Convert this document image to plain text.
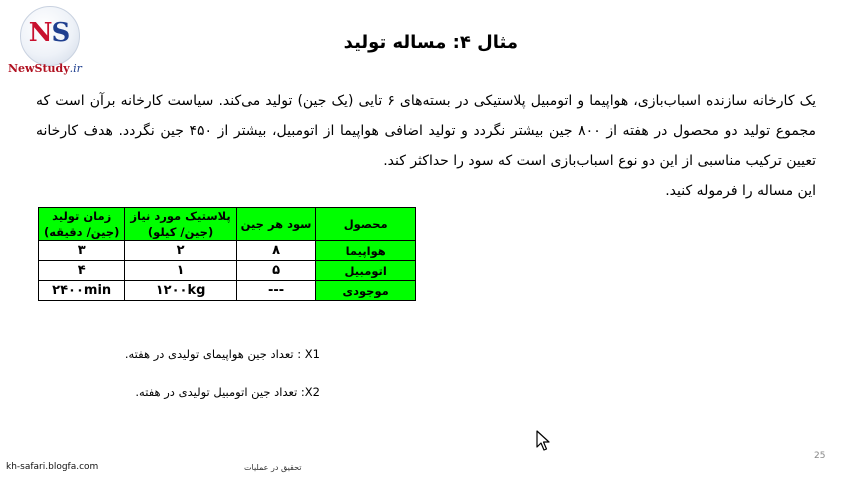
NS
NewStudy.ir
مثال ۴: مساله تولید

یک کارخانه سازنده اسباب‌بازی، هواپیما و اتومبیل پلاستیکی در بسته‌های ۶ تایی (یک جین) تولید می‌کند. سیاست کارخانه برآن است که مجموع تولید دو محصول در هفته از ۸۰۰ جین بیشتر نگردد و تولید اضافی هواپیما از اتومبیل، بیشتر از ۴۵۰ جین نگردد. هدف کارخانه تعیین ترکیب مناسبی از این دو نوع اسباب‌بازی است که سود را حداکثر کند.

این مساله را فرموله کنید.

محصول	سود هر جین	پلاستیک مورد نیاز (جین/ کیلو)	زمان تولید (جین/ دقیقه)
هواپیما	۸	۲	۳
اتومبیل	۵	۱	۴
موجودی	---	۱۲۰۰kg	۲۴۰۰min
X1 : تعداد جین هواپیمای تولیدی در هفته.
X2: تعداد جین اتومبیل تولیدی در هفته.
kh-safari.blogfa.com	تحقیق در عملیات
25
